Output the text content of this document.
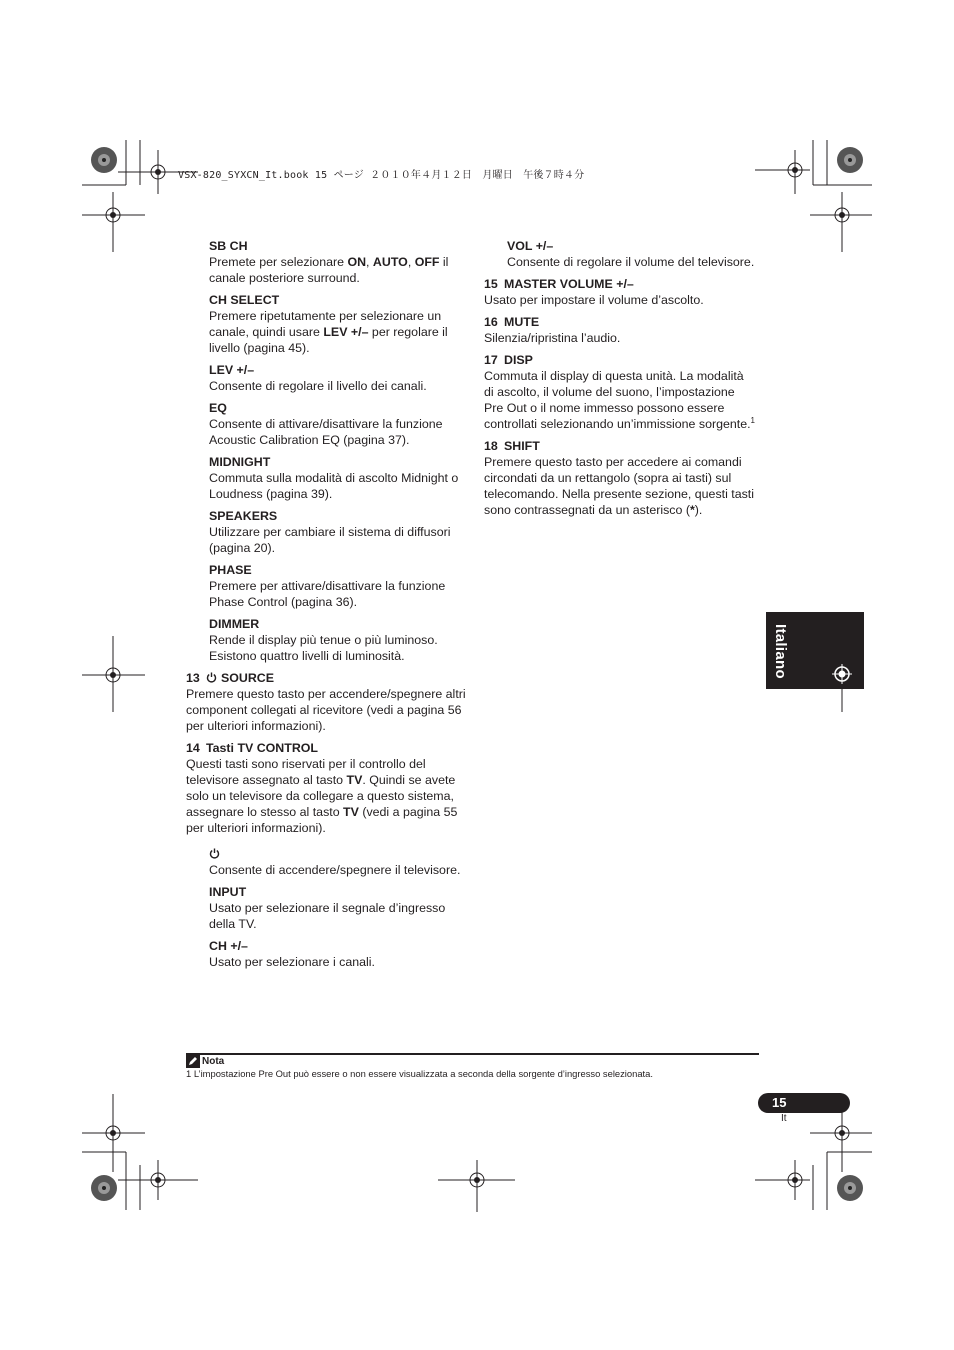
VSX-820_SYXCN_It.book 15 ページ ２０１０年４月１２日　月曜日　午後７時４分
SB CH
Premete per selezionare ON, AUTO, OFF il canale posteriore surround.
CH SELECT
Premere ripetutamente per selezionare un canale, quindi usare LEV +/– per regolare il livello (pagina 45).
LEV +/–
Consente di regolare il livello dei canali.
EQ
Consente di attivare/disattivare la funzione Acoustic Calibration EQ (pagina 37).
MIDNIGHT
Commuta sulla modalità di ascolto Midnight o Loudness (pagina 39).
SPEAKERS
Utilizzare per cambiare il sistema di diffusori (pagina 20).
PHASE
Premere per attivare/disattivare la funzione Phase Control (pagina 36).
DIMMER
Rende il display più tenue o più luminoso. Esistono quattro livelli di luminosità.
13 SOURCE
Premere questo tasto per accendere/spegnere altri component collegati al ricevitore (vedi a pagina 56 per ulteriori informazioni).
14 Tasti TV CONTROL
Questi tasti sono riservati per il controllo del televisore assegnato al tasto TV. Quindi se avete solo un televisore da collegare a questo sistema, assegnare lo stesso al tasto TV (vedi a pagina 55 per ulteriori informazioni).
Consente di accendere/spegnere il televisore.
INPUT
Usato per selezionare il segnale d’ingresso della TV.
CH +/–
Usato per selezionare i canali.
VOL +/–
Consente di regolare il volume del televisore.
15 MASTER VOLUME +/–
Usato per impostare il volume d’ascolto.
16 MUTE
Silenzia/ripristina l’audio.
17 DISP
Commuta il display di questa unità. La modalità di ascolto, il volume del suono, l’impostazione Pre Out o il nome immesso possono essere controllati selezionando un’immissione sorgente.$^1$
18 SHIFT
Premere questo tasto per accedere ai comandi circondati da un rettangolo (sopra ai tasti) sul telecomando. Nella presente sezione, questi tasti sono contrassegnati da un asterisco (*).
Italiano
Nota
1 L’impostazione Pre Out può essere o non essere visualizzata a seconda della sorgente d’ingresso selezionata.
15
It
